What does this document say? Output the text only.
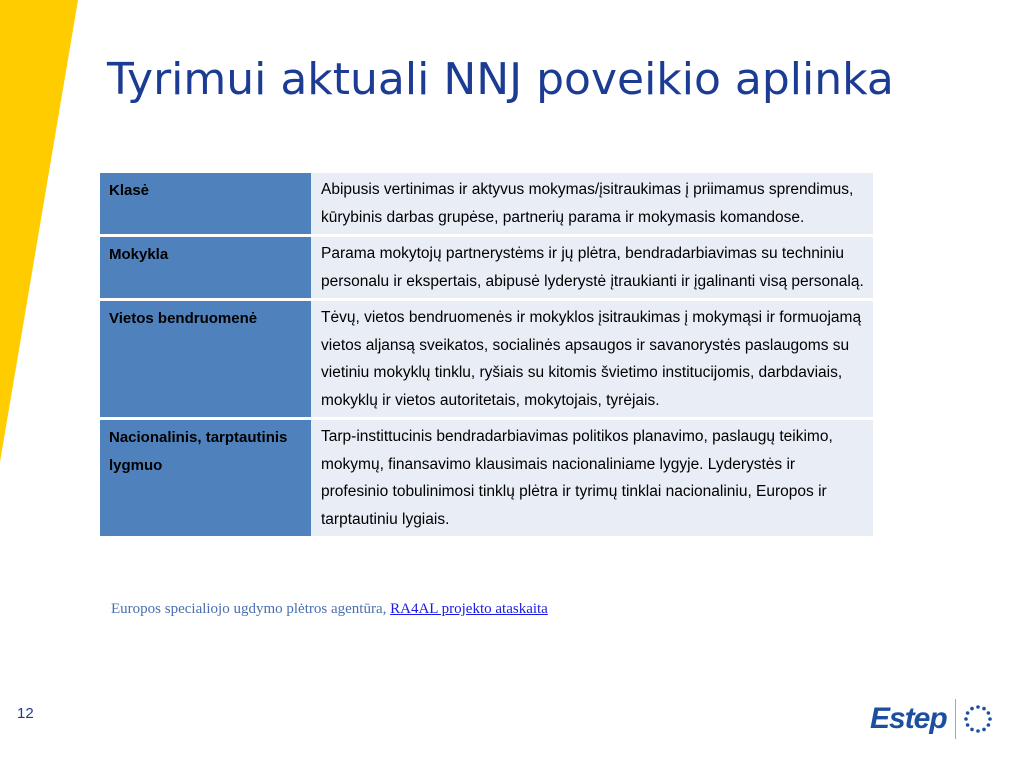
Tyrimui aktuali NNJ poveikio aplinka
Klasė	Abipusis vertinimas ir aktyvus mokymas/įsitraukimas į priimamus sprendimus, kūrybinis darbas grupėse, partnerių parama ir mokymasis komandose.
Mokykla	Parama mokytojų partnerystėms ir jų plėtra, bendradarbiavimas su techniniu personalu ir ekspertais, abipusė lyderystė įtraukianti ir įgalinanti visą personalą.
Vietos bendruomenė	Tėvų, vietos bendruomenės ir mokyklos įsitraukimas į mokymąsi ir formuojamą vietos aljansą sveikatos, socialinės apsaugos ir savanorystės paslaugoms su vietiniu mokyklų tinklu, ryšiais su kitomis švietimo institucijomis, darbdaviais, mokyklų ir vietos autoritetais, mokytojais, tyrėjais.
Nacionalinis, tarptautinis lygmuo	Tarp-instittucinis bendradarbiavimas politikos planavimo, paslaugų teikimo, mokymų, finansavimo klausimais nacionaliniame lygyje. Lyderystės ir profesinio tobulinimosi tinklų plėtra ir tyrimų tinklai nacionaliniu, Europos ir tarptautiniu lygiais.
Europos specialiojo ugdymo plėtros agentūra, RA4AL projekto ataskaita
12	Estep
